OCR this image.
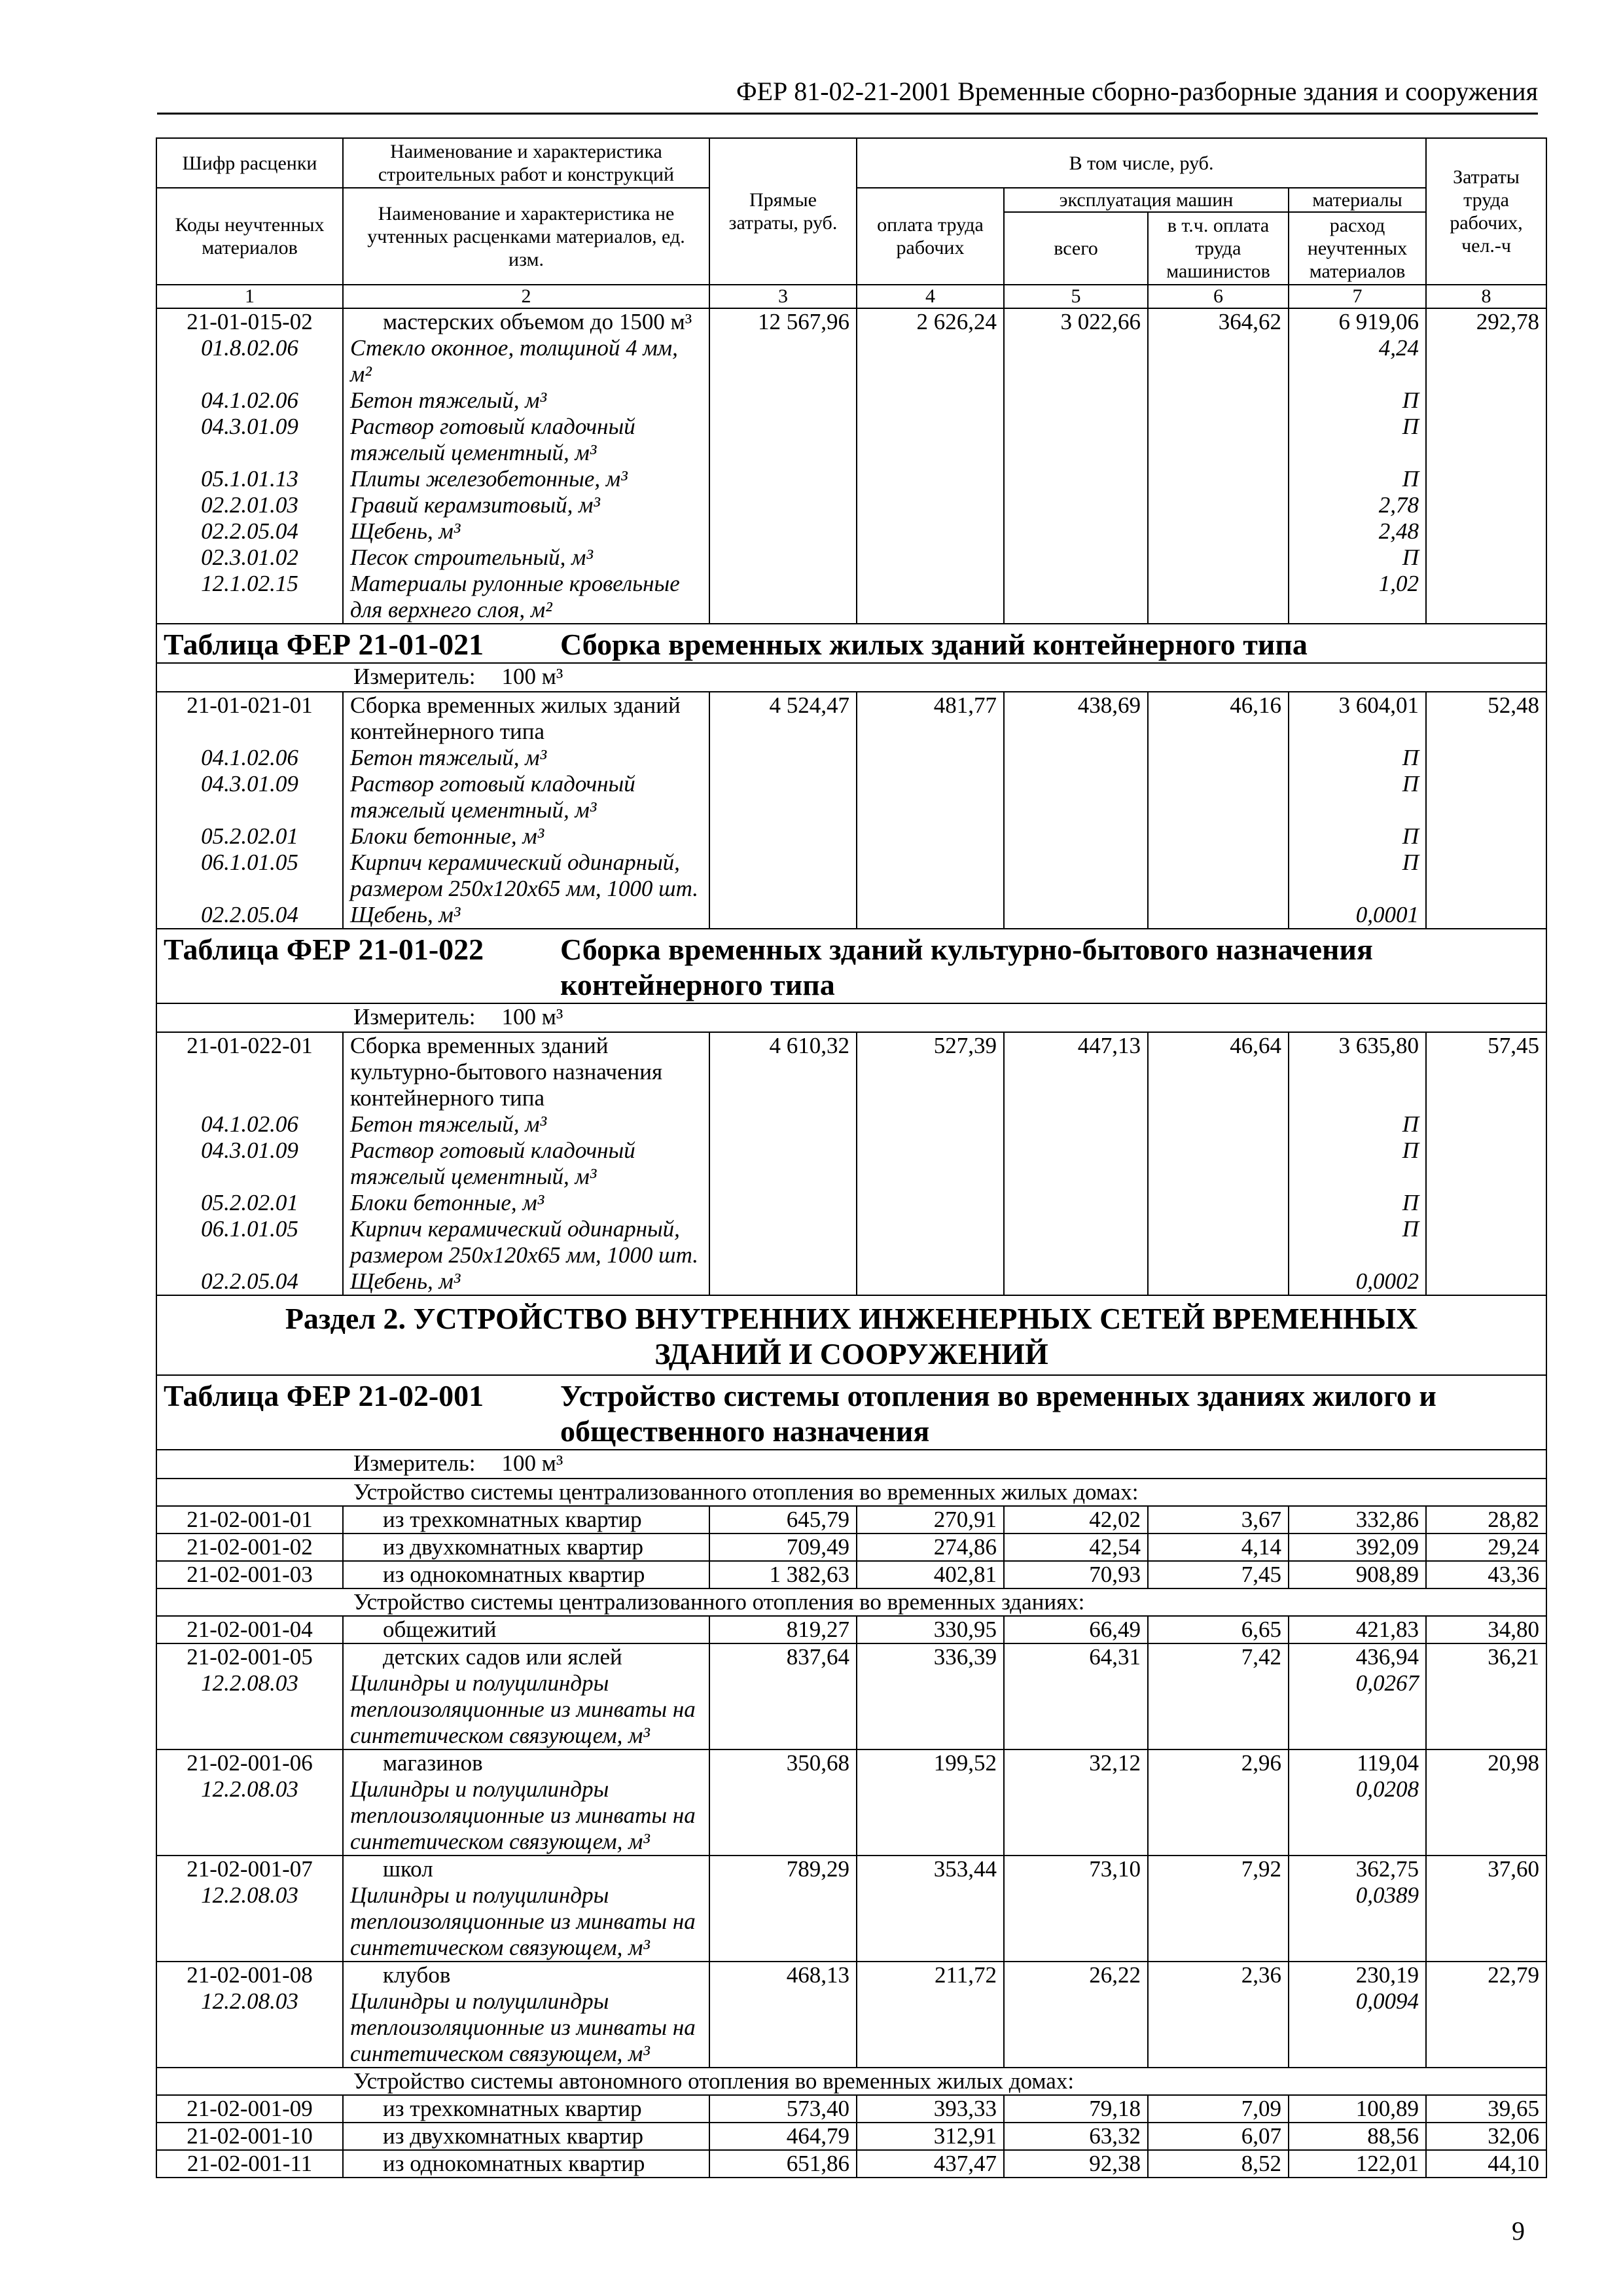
ФЕР 81-02-21-2001 Временные сборно-разборные здания и сооружения
Шифр расценки	Наименование и характеристика строительных работ и конструкций	Прямые затраты, руб.	В том числе, руб.				Затраты труда рабочих, чел.-ч
Коды неучтенных материалов	Наименование и характеристика не учтенных расценками материалов, ед. изм.		оплата труда рабочих	эксплуатация машин		материалы	
				всего	в т.ч. оплата труда машинистов	расход неучтенных материалов	
1	2	3	4	5	6	7	8
21-01-015-02	мастерских объемом до 1500 м³	12 567,96	2 626,24	3 022,66	364,62	6 919,06	292,78
01.8.02.06	Стекло оконное, толщиной 4 мм, м²					4,24	
04.1.02.06	Бетон тяжелый, м³					П	
04.3.01.09	Раствор готовый кладочный тяжелый цементный, м³					П	
05.1.01.13	Плиты железобетонные, м³					П	
02.2.01.03	Гравий керамзитовый, м³					2,78	
02.2.05.04	Щебень, м³					2,48	
02.3.01.02	Песок строительный, м³					П	
12.1.02.15	Материалы рулонные кровельные для верхнего слоя, м²					1,02	
Таблица ФЕР 21-01-021 Сборка временных жилых зданий контейнерного типа							
Измеритель: 100 м³							
21-01-021-01	Сборка временных жилых зданий контейнерного типа	4 524,47	481,77	438,69	46,16	3 604,01	52,48
04.1.02.06	Бетон тяжелый, м³					П	
04.3.01.09	Раствор готовый кладочный тяжелый цементный, м³					П	
05.2.02.01	Блоки бетонные, м³					П	
06.1.01.05	Кирпич керамический одинарный, размером 250х120х65 мм, 1000 шт.					П	
02.2.05.04	Щебень, м³					0,0001	
Таблица ФЕР 21-01-022 Сборка временных зданий культурно-бытового назначения контейнерного типа							
Измеритель: 100 м³							
21-01-022-01	Сборка временных зданий культурно-бытового назначения контейнерного типа	4 610,32	527,39	447,13	46,64	3 635,80	57,45
04.1.02.06	Бетон тяжелый, м³					П	
04.3.01.09	Раствор готовый кладочный тяжелый цементный, м³					П	
05.2.02.01	Блоки бетонные, м³					П	
06.1.01.05	Кирпич керамический одинарный, размером 250х120х65 мм, 1000 шт.					П	
02.2.05.04	Щебень, м³					0,0002	
Раздел 2. УСТРОЙСТВО ВНУТРЕННИХ ИНЖЕНЕРНЫХ СЕТЕЙ ВРЕМЕННЫХ ЗДАНИЙ И СООРУЖЕНИЙ							
Таблица ФЕР 21-02-001 Устройство системы отопления во временных зданиях жилого и общественного назначения							
Измеритель: 100 м³							
Устройство системы централизованного отопления во временных жилых домах:							
21-02-001-01	из трехкомнатных квартир	645,79	270,91	42,02	3,67	332,86	28,82
21-02-001-02	из двухкомнатных квартир	709,49	274,86	42,54	4,14	392,09	29,24
21-02-001-03	из однокомнатных квартир	1 382,63	402,81	70,93	7,45	908,89	43,36
Устройство системы централизованного отопления во временных зданиях:							
21-02-001-04	общежитий	819,27	330,95	66,49	6,65	421,83	34,80
21-02-001-05	детских садов или яслей	837,64	336,39	64,31	7,42	436,94	36,21
12.2.08.03	Цилиндры и полуцилиндры теплоизоляционные из минваты на синтетическом связующем, м³					0,0267	
21-02-001-06	магазинов	350,68	199,52	32,12	2,96	119,04	20,98
12.2.08.03	Цилиндры и полуцилиндры теплоизоляционные из минваты на синтетическом связующем, м³					0,0208	
21-02-001-07	школ	789,29	353,44	73,10	7,92	362,75	37,60
12.2.08.03	Цилиндры и полуцилиндры теплоизоляционные из минваты на синтетическом связующем, м³					0,0389	
21-02-001-08	клубов	468,13	211,72	26,22	2,36	230,19	22,79
12.2.08.03	Цилиндры и полуцилиндры теплоизоляционные из минваты на синтетическом связующем, м³					0,0094	
Устройство системы автономного отопления во временных жилых домах:							
21-02-001-09	из трехкомнатных квартир	573,40	393,33	79,18	7,09	100,89	39,65
21-02-001-10	из двухкомнатных квартир	464,79	312,91	63,32	6,07	88,56	32,06
21-02-001-11	из однокомнатных квартир	651,86	437,47	92,38	8,52	122,01	44,10
9
